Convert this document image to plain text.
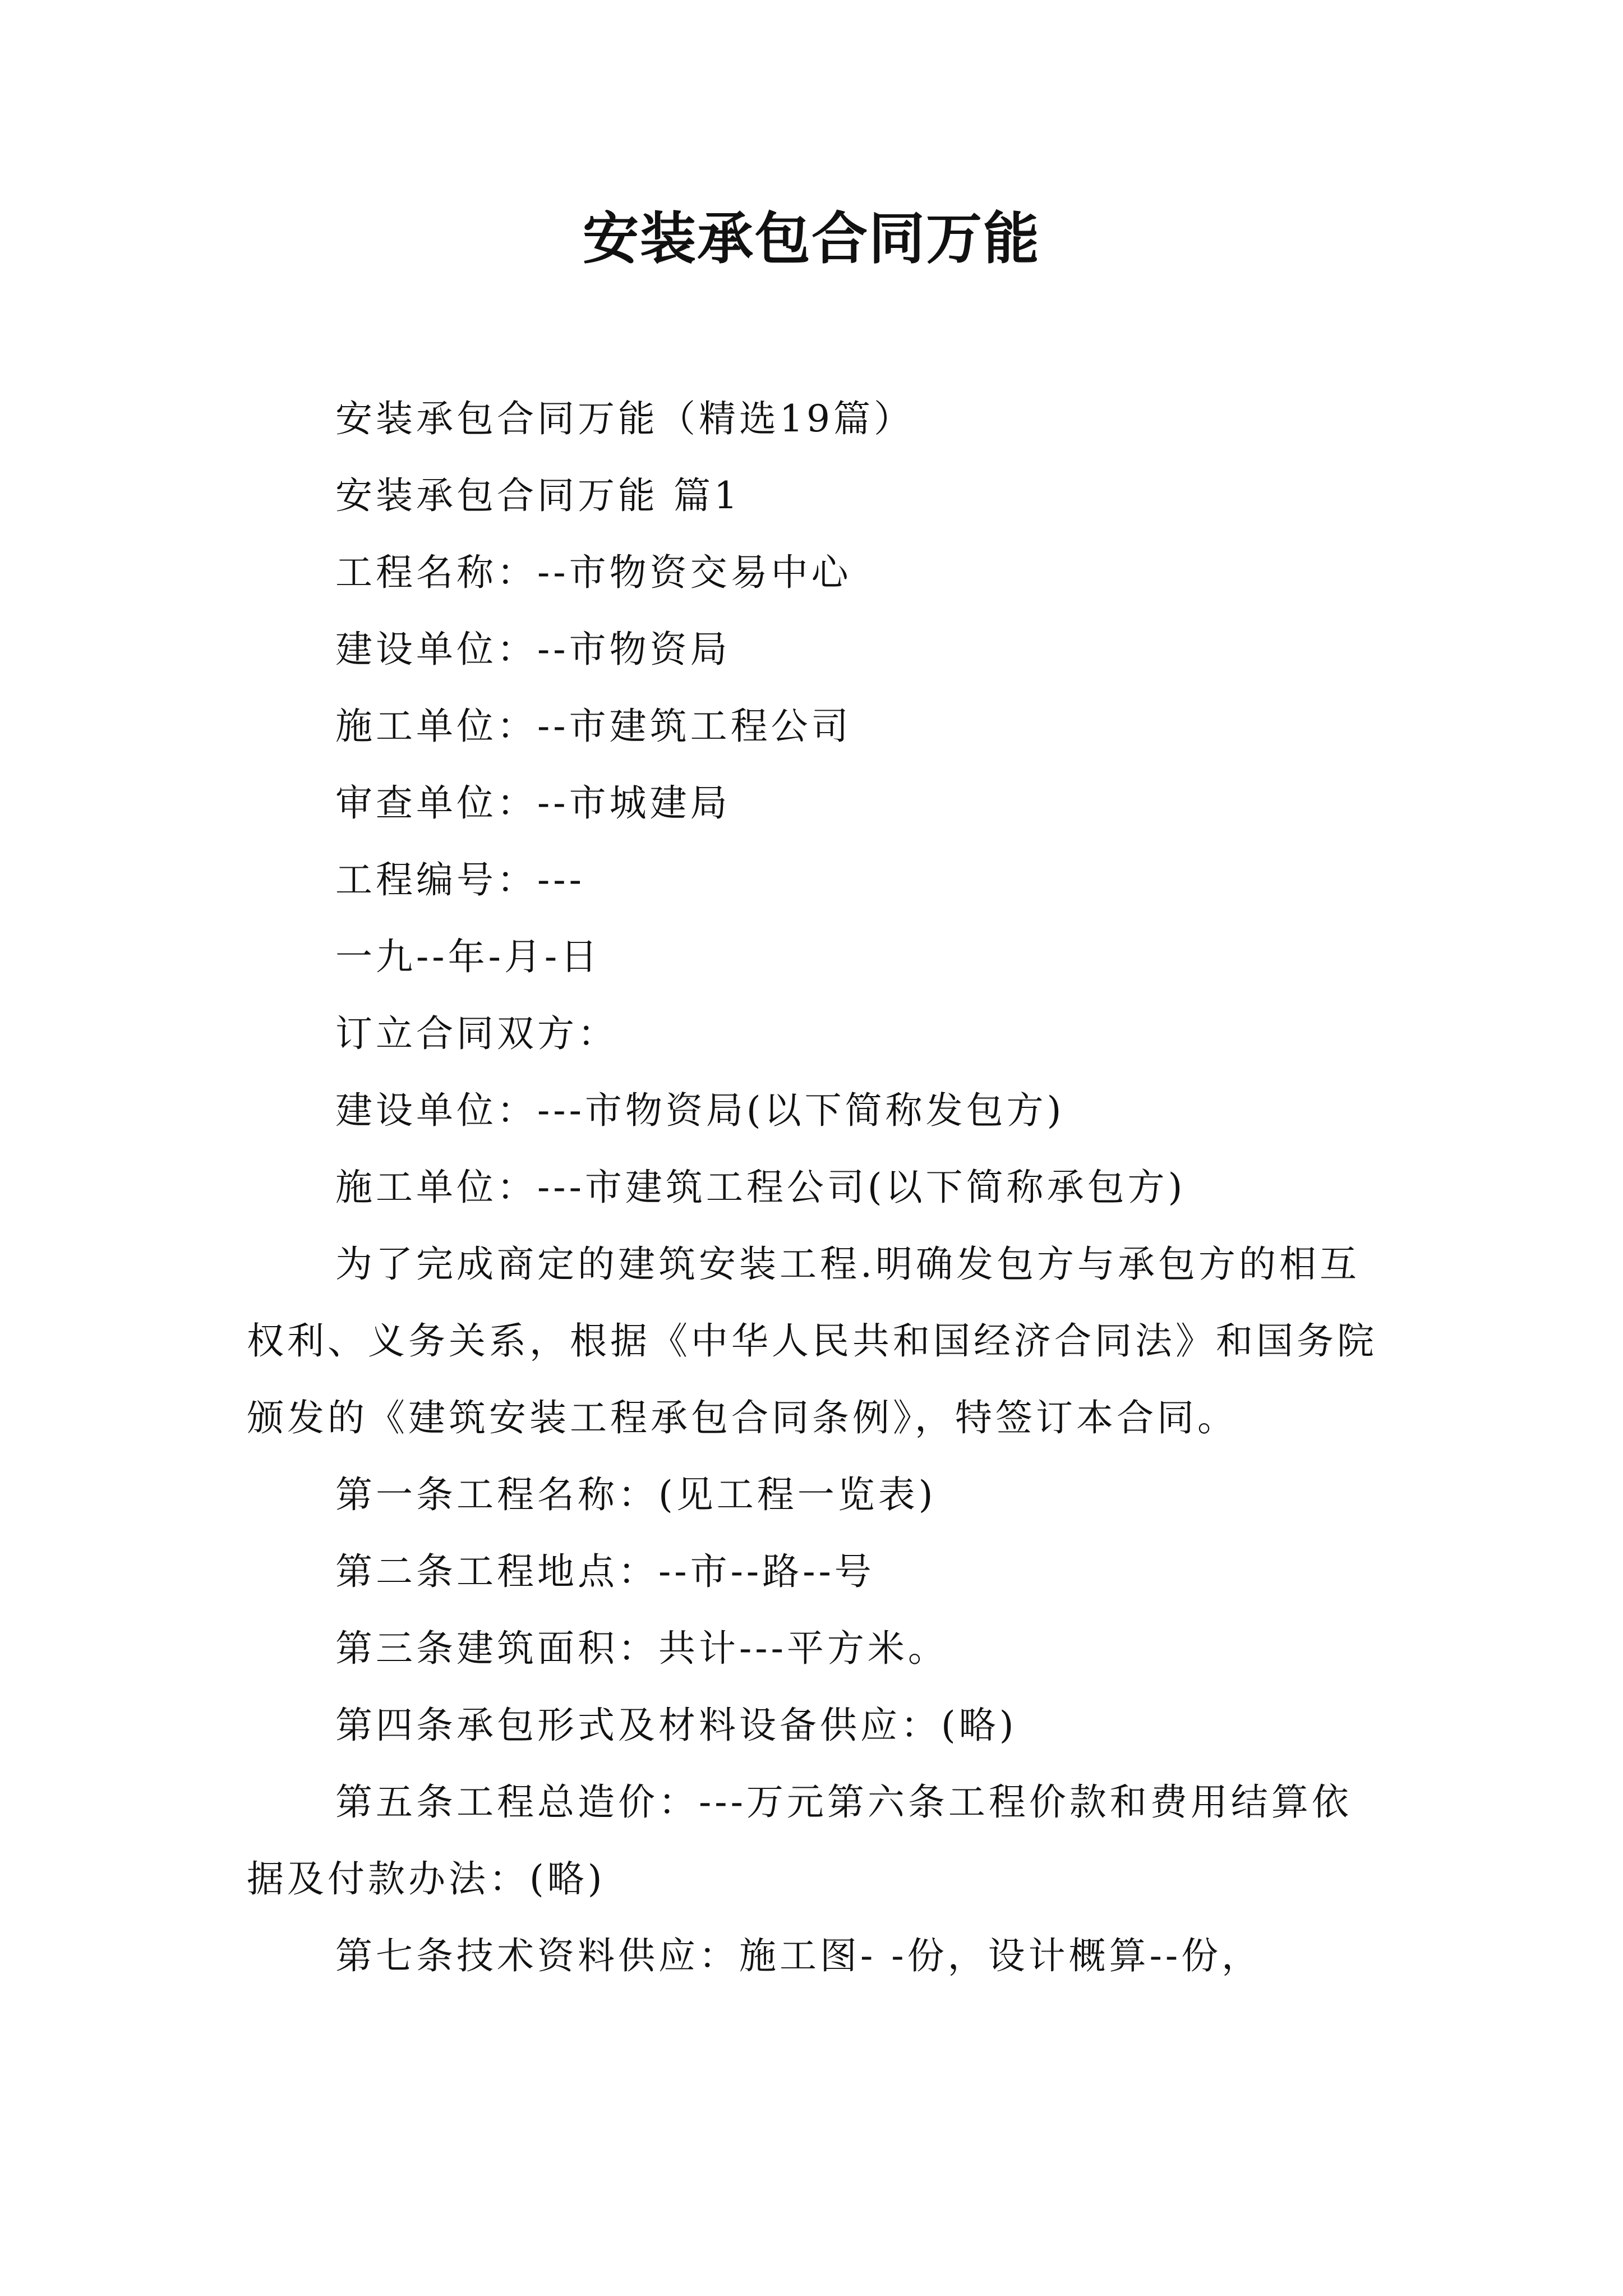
安装承包合同万能

安装承包合同万能（精选19篇）

安装承包合同万能 篇1

工程名称：--市物资交易中心

建设单位：--市物资局

施工单位：--市建筑工程公司

审查单位：--市城建局

工程编号：---

一九--年-月-日

订立合同双方：

建设单位：---市物资局(以下简称发包方)

施工单位：---市建筑工程公司(以下简称承包方)

为了完成商定的建筑安装工程.明确发包方与承包方的相互权利、义务关系，根据《中华人民共和国经济合同法》和国务院颁发的《建筑安装工程承包合同条例》，特签订本合同。

第一条工程名称：(见工程一览表)

第二条工程地点：--市--路--号

第三条建筑面积：共计---平方米。

第四条承包形式及材料设备供应：(略)

第五条工程总造价：---万元第六条工程价款和费用结算依据及付款办法：(略)

第七条技术资料供应：施工图- -份，设计概算--份，
